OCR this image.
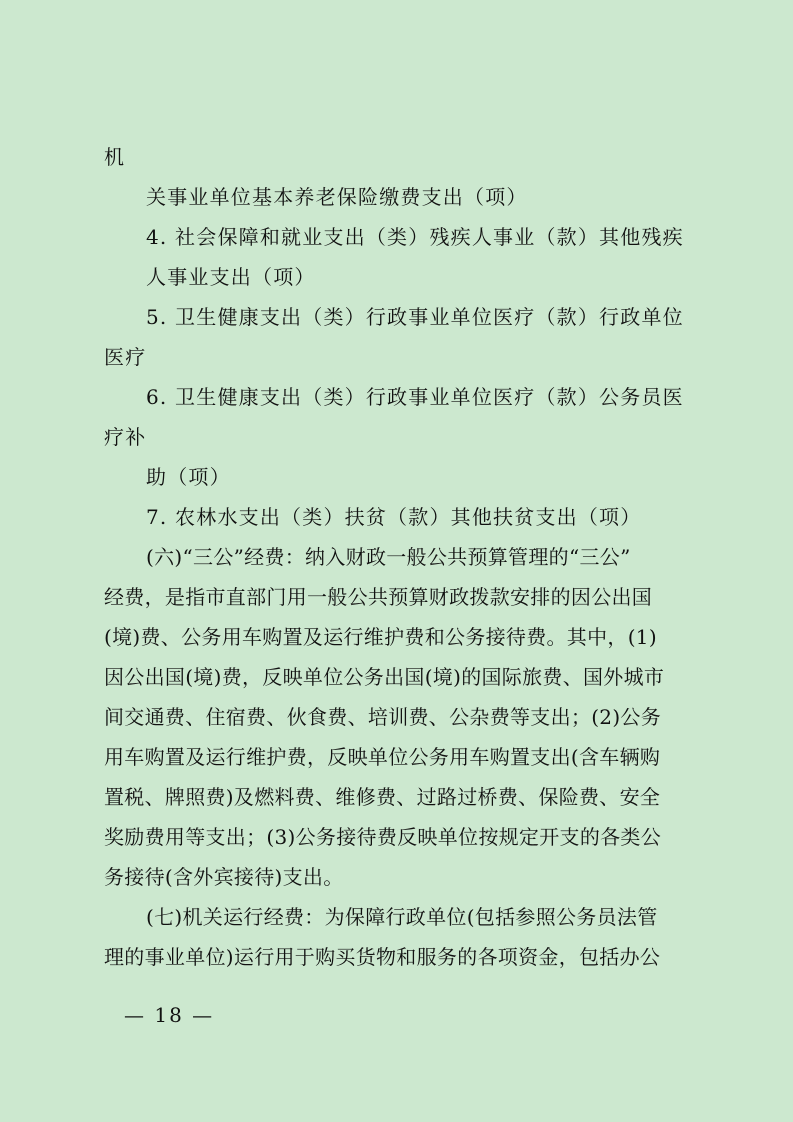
机
关事业单位基本养老保险缴费支出（项）
4. 社会保障和就业支出（类）残疾人事业（款）其他残疾
人事业支出（项）
5. 卫生健康支出（类）行政事业单位医疗（款）行政单位
医疗
6. 卫生健康支出（类）行政事业单位医疗（款）公务员医
疗补
助（项）
7. 农林水支出（类）扶贫（款）其他扶贫支出（项）
(六)“三公”经费：纳入财政一般公共预算管理的“三公”
经费，是指市直部门用一般公共预算财政拨款安排的因公出国
(境)费、公务用车购置及运行维护费和公务接待费。其中，(1)
因公出国(境)费，反映单位公务出国(境)的国际旅费、国外城市
间交通费、住宿费、伙食费、培训费、公杂费等支出；(2)公务
用车购置及运行维护费，反映单位公务用车购置支出(含车辆购
置税、牌照费)及燃料费、维修费、过路过桥费、保险费、安全
奖励费用等支出；(3)公务接待费反映单位按规定开支的各类公
务接待(含外宾接待)支出。
(七)机关运行经费：为保障行政单位(包括参照公务员法管
理的事业单位)运行用于购买货物和服务的各项资金，包括办公
— 18 —
